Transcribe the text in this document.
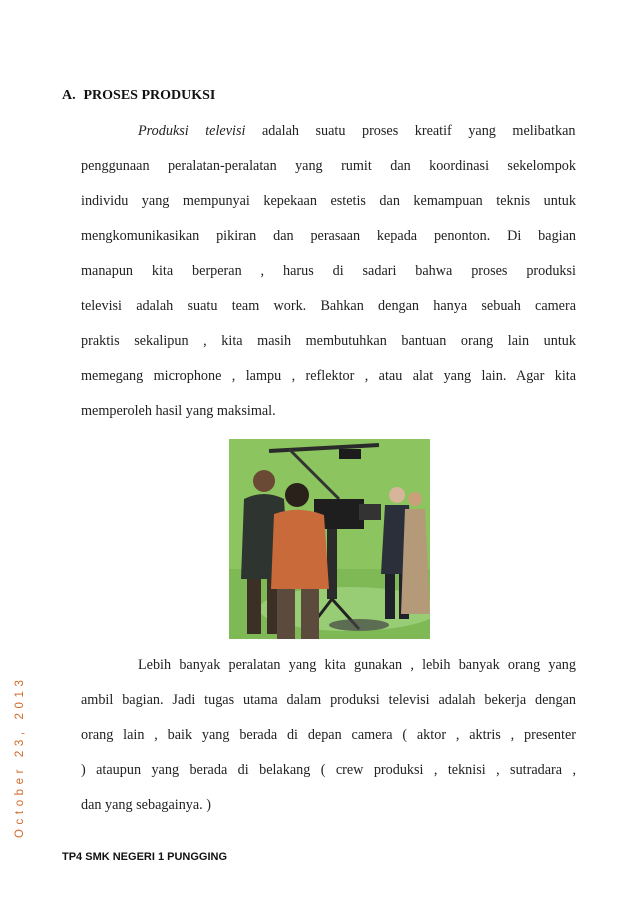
October 23, 2013
A. PROSES PRODUKSI
Produksi televisi adalah suatu proses kreatif yang melibatkan
penggunaan peralatan-peralatan yang rumit dan koordinasi sekelompok
individu yang mempunyai kepekaan estetis dan kemampuan teknis untuk
mengkomunikasikan pikiran dan perasaan kepada penonton. Di bagian
manapun kita berperan , harus di sadari bahwa proses produksi
televisi adalah suatu team work. Bahkan dengan hanya sebuah camera
praktis sekalipun , kita masih membutuhkan bantuan orang lain untuk
memegang microphone , lampu , reflektor , atau alat yang lain. Agar kita
memperoleh hasil yang maksimal.
Lebih banyak peralatan yang kita gunakan , lebih banyak orang yang
ambil bagian. Jadi tugas utama dalam produksi televisi adalah bekerja dengan
orang lain , baik yang berada di depan camera ( aktor , aktris , presenter
) ataupun yang berada di belakang ( crew produksi , teknisi , sutradara ,
dan yang sebagainya. )
TP4 SMK NEGERI 1 PUNGGING
